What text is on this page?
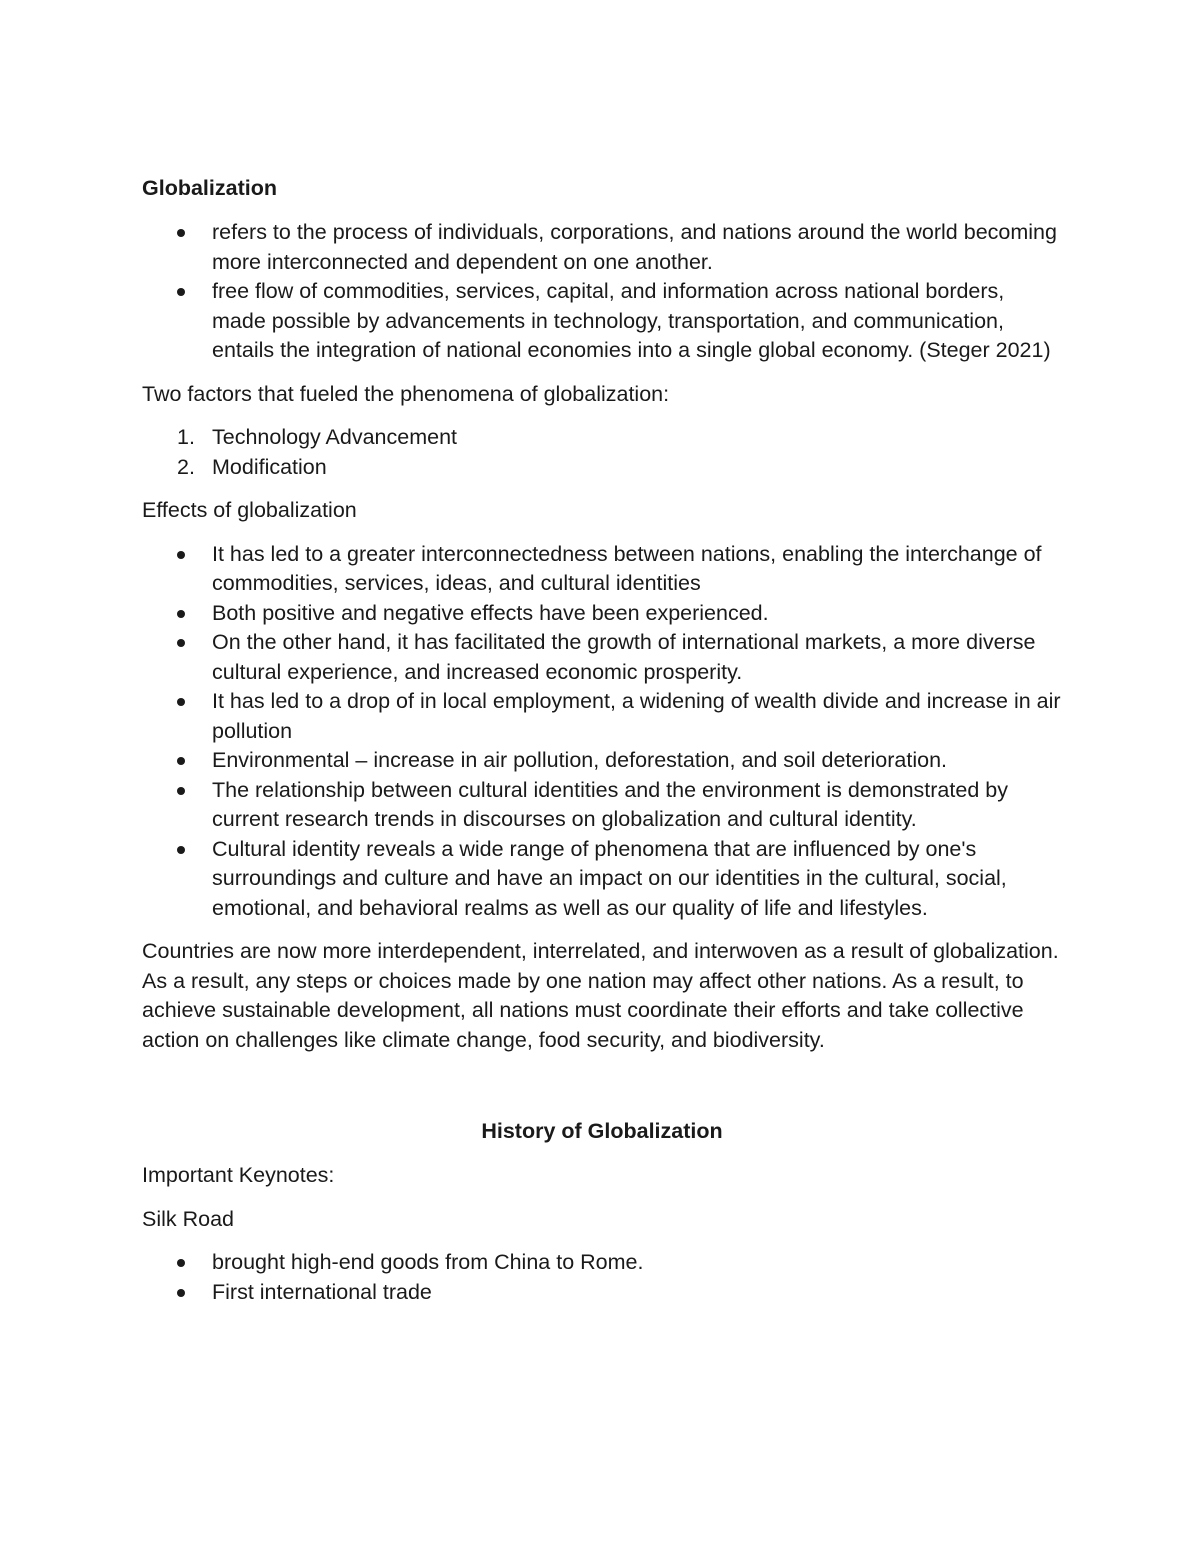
Globalization
refers to the process of individuals, corporations, and nations around the world becoming more interconnected and dependent on one another.
free flow of commodities, services, capital, and information across national borders, made possible by advancements in technology, transportation, and communication, entails the integration of national economies into a single global economy. (Steger 2021)

Two factors that fueled the phenomena of globalization:

1. Technology Advancement
2. Modification

Effects of globalization

It has led to a greater interconnectedness between nations, enabling the interchange of commodities, services, ideas, and cultural identities
Both positive and negative effects have been experienced.
On the other hand, it has facilitated the growth of international markets, a more diverse cultural experience, and increased economic prosperity.
It has led to a drop of in local employment, a widening of wealth divide and increase in air pollution
Environmental – increase in air pollution, deforestation, and soil deterioration.
The relationship between cultural identities and the environment is demonstrated by current research trends in discourses on globalization and cultural identity.
Cultural identity reveals a wide range of phenomena that are influenced by one's surroundings and culture and have an impact on our identities in the cultural, social, emotional, and behavioral realms as well as our quality of life and lifestyles.

Countries are now more interdependent, interrelated, and interwoven as a result of globalization. As a result, any steps or choices made by one nation may affect other nations. As a result, to achieve sustainable development, all nations must coordinate their efforts and take collective action on challenges like climate change, food security, and biodiversity.

History of Globalization

Important Keynotes:

Silk Road

brought high-end goods from China to Rome.
First international trade
